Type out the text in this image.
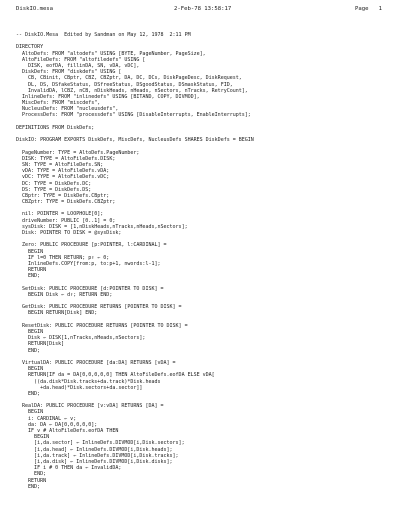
DiskIO.mesa	2-Feb-78 13:58:17	Page   1
-- DiskIO.Mesa  Edited by Sandman on May 12, 1978  2:11 PM
DIRECTORY
AltoDefs: FROM "altodefs" USING [BYTE, PageNumber, PageSize],
AltoFileDefs: FROM "altofiledefs" USING [
DISK, eofDA, fillinDA, SN, vDA, vDC],
DiskDefs: FROM "diskdefs" USING [
CB, CBinit, CBptr, CBZ, CBZptr, DA, DC, DCs, DiskPageDesc, DiskRequest,
DL, DS, DSfakeStatus, DSfreeStatus, DSgoodStatus, DSmaskStatus, FID,
InvalidDA, lCBZ, nCB, nDiskHeads, nHeads, nSectors, nTracks, RetryCount],
InlineDefs: FROM "inlinedefs" USING [BITAND, COPY, DIVMOD],
MiscDefs: FROM "miscdefs",
NucleusDefs: FROM "nucleusdefs",
ProcessDefs: FROM "processdefs" USING [DisableInterrupts, EnableInterrupts];
DEFINITIONS FROM DiskDefs;
DiskIO: PROGRAM EXPORTS DiskDefs, MiscDefs, NucleusDefs SHARES DiskDefs = BEGIN
PageNumber: TYPE = AltoDefs.PageNumber;
DISK: TYPE = AltoFileDefs.DISK;
SN: TYPE = AltoFileDefs.SN;
vDA: TYPE = AltoFileDefs.vDA;
vDC: TYPE = AltoFileDefs.vDC;
DC: TYPE = DiskDefs.DC;
DS: TYPE = DiskDefs.DS;
CBptr: TYPE = DiskDefs.CBptr;
CBZptr: TYPE = DiskDefs.CBZptr;
nil: POINTER = LOOPHOLE[0];
driveNumber: PUBLIC [0..1] = 0;
sysDisk: DISK = [1,nDiskHeads,nTracks,nHeads,nSectors];
Disk: POINTER TO DISK = @sysDisk;
Zero: PUBLIC PROCEDURE [p:POINTER, l:CARDINAL] =
BEGIN
IF l=0 THEN RETURN; p↑ ← 0;
InlineDefs.COPY[from:p, to:p+1, nwords:l-1];
RETURN
END;
SetDisk: PUBLIC PROCEDURE [d:POINTER TO DISK] =
BEGIN Disk ← d↑; RETURN END;
GetDisk: PUBLIC PROCEDURE RETURNS [POINTER TO DISK] =
BEGIN RETURN[Disk] END;
ResetDisk: PUBLIC PROCEDURE RETURNS [POINTER TO DISK] =
BEGIN
Disk ← DISK[1,nTracks,nHeads,nSectors];
RETURN[Disk]
END;
VirtualDA: PUBLIC PROCEDURE [da:DA] RETURNS [vDA] =
BEGIN
RETURN[IF da = DA[0,0,0,0,0] THEN AltoFileDefs.eofDA ELSE vDA[
((da.disk*Disk.tracks+da.track)*Disk.heads
+da.head)*Disk.sectors+da.sector]]
END;
RealDA: PUBLIC PROCEDURE [v:vDA] RETURNS [DA] =
BEGIN
i: CARDINAL ← v;
da: DA ← DA[0,0,0,0,0];
IF v # AltoFileDefs.eofDA THEN
BEGIN
[i,da.sector] ← InlineDefs.DIVMOD[i,Disk.sectors];
[i,da.head] ← InlineDefs.DIVMOD[i,Disk.heads];
[i,da.track] ← InlineDefs.DIVMOD[i,Disk.tracks];
[i,da.disk] ← InlineDefs.DIVMOD[i,Disk.disks];
IF i # 0 THEN da ← InvalidDA;
END;
RETURN
END;
